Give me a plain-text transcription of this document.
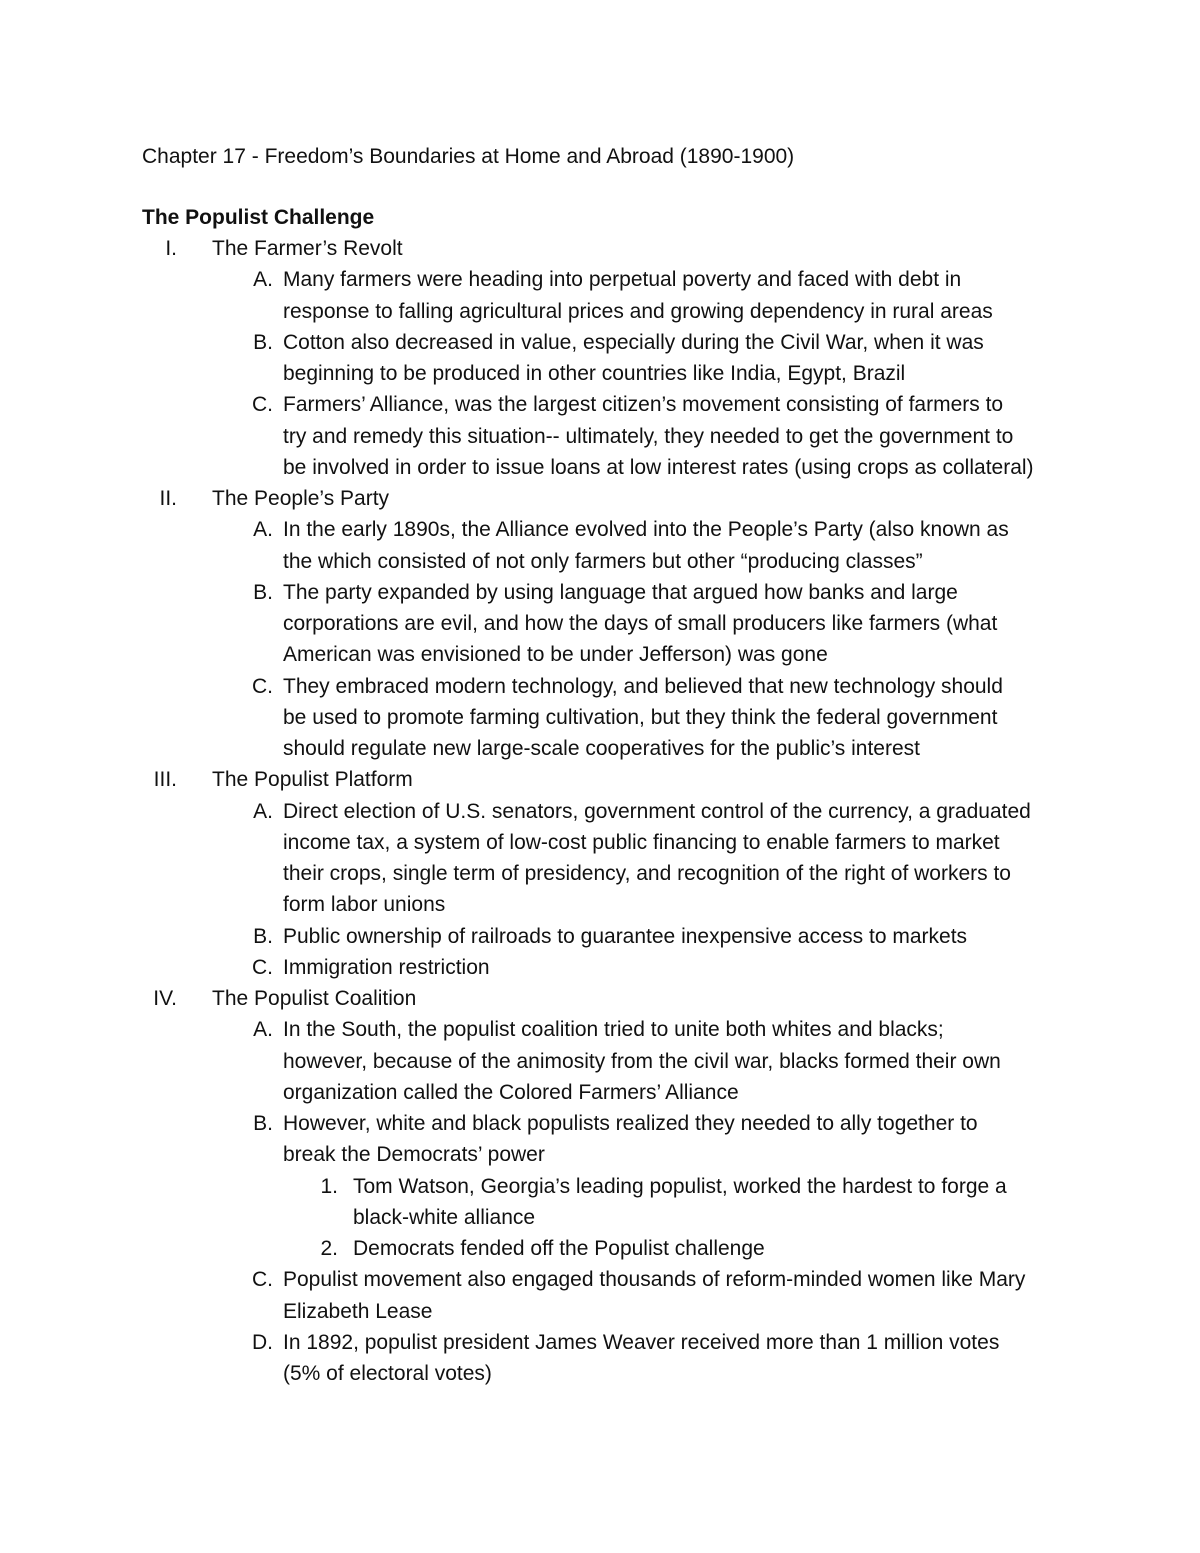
Chapter 17 - Freedom’s Boundaries at Home and Abroad (1890-1900)
The Populist Challenge
I. The Farmer’s Revolt
A. Many farmers were heading into perpetual poverty and faced with debt in
response to falling agricultural prices and growing dependency in rural areas
B. Cotton also decreased in value, especially during the Civil War, when it was
beginning to be produced in other countries like India, Egypt, Brazil
C. Farmers’ Alliance, was the largest citizen’s movement consisting of farmers to
try and remedy this situation-- ultimately, they needed to get the government to
be involved in order to issue loans at low interest rates (using crops as collateral)
II. The People’s Party
A. In the early 1890s, the Alliance evolved into the People’s Party (also known as
the which consisted of not only farmers but other “producing classes”
B. The party expanded by using language that argued how banks and large
corporations are evil, and how the days of small producers like farmers (what
American was envisioned to be under Jefferson) was gone
C. They embraced modern technology, and believed that new technology should
be used to promote farming cultivation, but they think the federal government
should regulate new large-scale cooperatives for the public’s interest
III. The Populist Platform
A. Direct election of U.S. senators, government control of the currency, a graduated
income tax, a system of low-cost public financing to enable farmers to market
their crops, single term of presidency, and recognition of the right of workers to
form labor unions
B. Public ownership of railroads to guarantee inexpensive access to markets
C. Immigration restriction
IV. The Populist Coalition
A. In the South, the populist coalition tried to unite both whites and blacks;
however, because of the animosity from the civil war, blacks formed their own
organization called the Colored Farmers’ Alliance
B. However, white and black populists realized they needed to ally together to
break the Democrats’ power
1. Tom Watson, Georgia’s leading populist, worked the hardest to forge a
black-white alliance
2. Democrats fended off the Populist challenge
C. Populist movement also engaged thousands of reform-minded women like Mary
Elizabeth Lease
D. In 1892, populist president James Weaver received more than 1 million votes
(5% of electoral votes)
